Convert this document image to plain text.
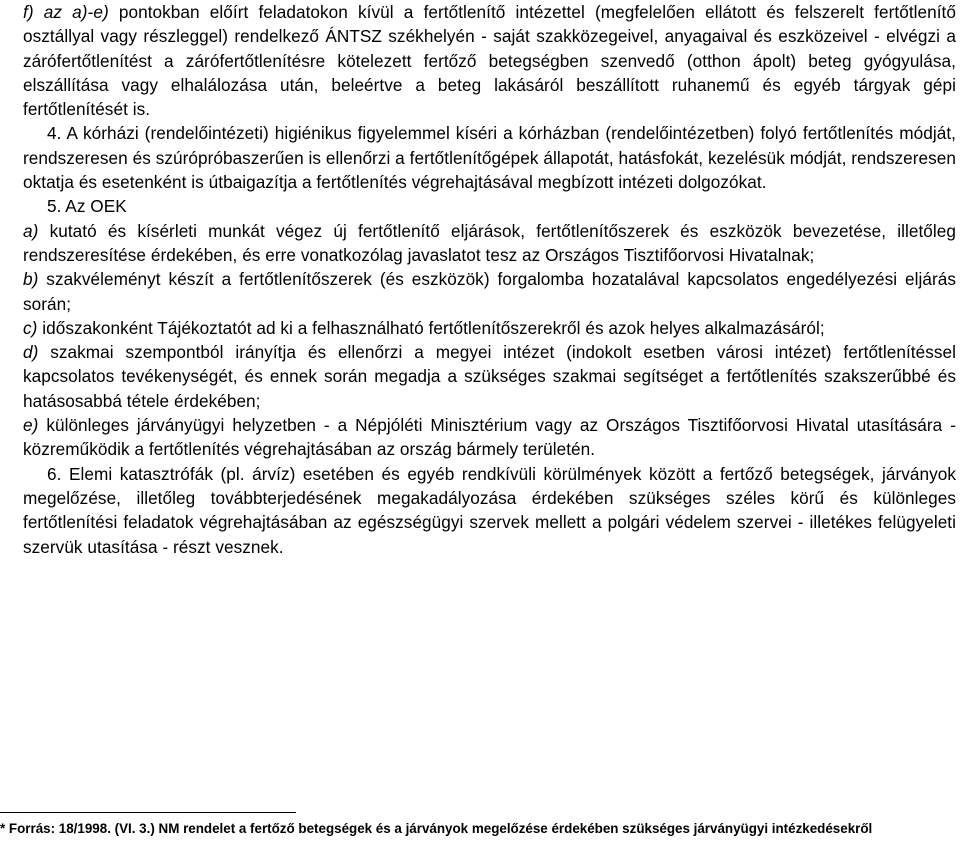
f) az a)-e) pontokban előírt feladatokon kívül a fertőtlenítő intézettel (megfelelően ellátott és felszerelt fertőtlenítő osztállyal vagy részleggel) rendelkező ÁNTSZ székhelyén - saját szakközegeivel, anyagaival és eszközeivel - elvégzi a zárófertőtlenítést a zárófertőtlenítésre kötelezett fertőző betegségben szenvedő (otthon ápolt) beteg gyógyulása, elszállítása vagy elhalálozása után, beleértve a beteg lakásáról beszállított ruhanemű és egyéb tárgyak gépi fertőtlenítését is.

4. A kórházi (rendelőintézeti) higiénikus figyelemmel kíséri a kórházban (rendelőintézetben) folyó fertőtlenítés módját, rendszeresen és szúrópróbaszerűen is ellenőrzi a fertőtlenítőgépek állapotát, hatásfokát, kezelésük módját, rendszeresen oktatja és esetenként is útbaigazítja a fertőtlenítés végrehajtásával megbízott intézeti dolgozókat.

5. Az OEK

a) kutató és kísérleti munkát végez új fertőtlenítő eljárások, fertőtlenítőszerek és eszközök bevezetése, illetőleg rendszeresítése érdekében, és erre vonatkozólag javaslatot tesz az Országos Tisztifőorvosi Hivatalnak;

b) szakvéleményt készít a fertőtlenítőszerek (és eszközök) forgalomba hozatalával kapcsolatos engedélyezési eljárás során;

c) időszakonként Tájékoztatót ad ki a felhasználható fertőtlenítőszerekről és azok helyes alkalmazásáról;

d) szakmai szempontból irányítja és ellenőrzi a megyei intézet (indokolt esetben városi intézet) fertőtlenítéssel kapcsolatos tevékenységét, és ennek során megadja a szükséges szakmai segítséget a fertőtlenítés szakszerűbbé és hatásosabbá tétele érdekében;

e) különleges járványügyi helyzetben - a Népjóléti Minisztérium vagy az Országos Tisztifőorvosi Hivatal utasítására - közreműködik a fertőtlenítés végrehajtásában az ország bármely területén.

6. Elemi katasztrófák (pl. árvíz) esetében és egyéb rendkívüli körülmények között a fertőző betegségek, járványok megelőzése, illetőleg továbbterjedésének megakadályozása érdekében szükséges széles körű és különleges fertőtlenítési feladatok végrehajtásában az egészségügyi szervek mellett a polgári védelem szervei - illetékes felügyeleti szervük utasítása - részt vesznek.

* Forrás: 18/1998. (VI. 3.) NM rendelet a fertőző betegségek és a járványok megelőzése érdekében szükséges járványügyi intézkedésekről
